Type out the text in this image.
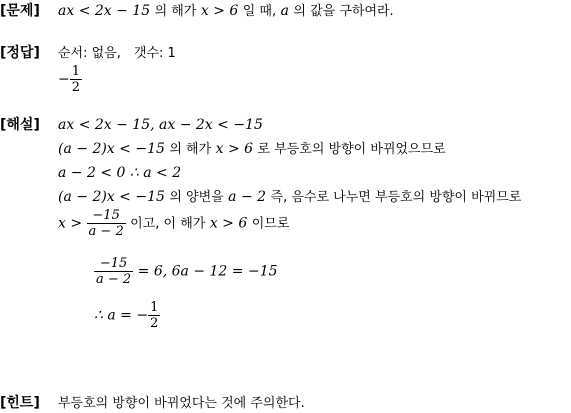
[문제] ax < 2x − 15 의 해가 x > 6 일 때, a 의 값을 구하여라.
[정답] 순서: 없음,　갯수: 1
− $\frac{1}{2}$
[해설] ax < 2x − 15, ax − 2x < −15
(a − 2)x < −15 의 해가 x > 6 로 부등호의 방향이 바뀌었으므로
a − 2 < 0 ∴ a < 2
(a − 2)x < −15 의 양변을 a − 2 즉, 음수로 나누면 부등호의 방향이 바뀌므로
$x > \frac{-15}{a - 2}$ 이고, 이 해가 x > 6 이므로
$\frac{-15}{a - 2} = 6$, 6a − 12 = −15
∴ a = − $\frac{1}{2}$
[힌트] 부등호의 방향이 바뀌었다는 것에 주의한다.
